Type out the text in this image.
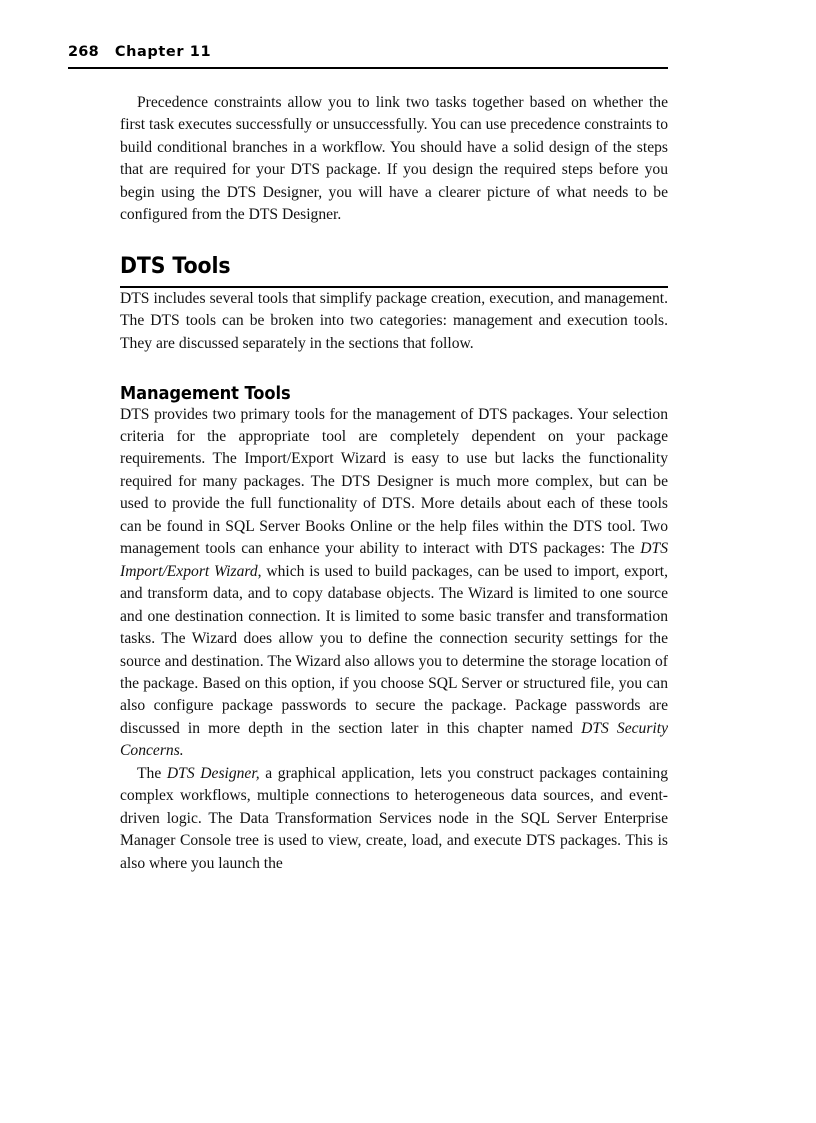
268 Chapter 11

Precedence constraints allow you to link two tasks together based on whether the first task executes successfully or unsuccessfully. You can use precedence constraints to build conditional branches in a workflow. You should have a solid design of the steps that are required for your DTS package. If you design the required steps before you begin using the DTS Designer, you will have a clearer picture of what needs to be configured from the DTS Designer.

DTS Tools

DTS includes several tools that simplify package creation, execution, and management. The DTS tools can be broken into two categories: management and execution tools. They are discussed separately in the sections that follow.

Management Tools

DTS provides two primary tools for the management of DTS packages. Your selection criteria for the appropriate tool are completely dependent on your package requirements. The Import/Export Wizard is easy to use but lacks the functionality required for many packages. The DTS Designer is much more complex, but can be used to provide the full functionality of DTS. More details about each of these tools can be found in SQL Server Books Online or the help files within the DTS tool. Two management tools can enhance your ability to interact with DTS packages: The DTS Import/Export Wizard, which is used to build packages, can be used to import, export, and transform data, and to copy database objects. The Wizard is limited to one source and one destination connection. It is limited to some basic transfer and transformation tasks. The Wizard does allow you to define the connection security settings for the source and destination. The Wizard also allows you to determine the storage location of the package. Based on this option, if you choose SQL Server or structured file, you can also configure package passwords to secure the package. Package passwords are discussed in more depth in the section later in this chapter named DTS Security Concerns.

The DTS Designer, a graphical application, lets you construct packages containing complex workflows, multiple connections to heterogeneous data sources, and event-driven logic. The Data Transformation Services node in the SQL Server Enterprise Manager Console tree is used to view, create, load, and execute DTS packages. This is also where you launch the
